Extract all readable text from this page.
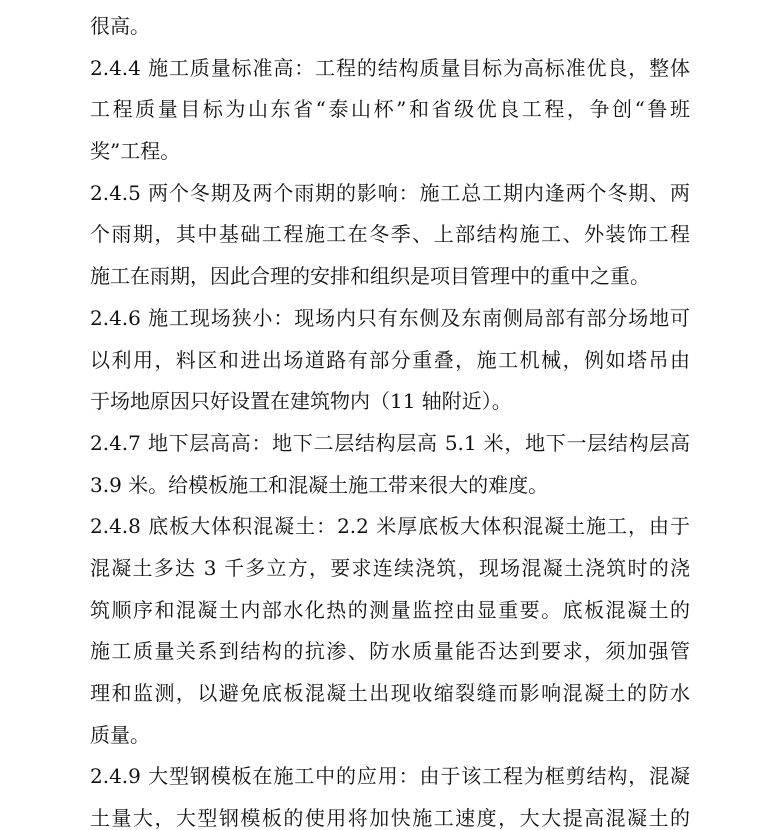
很高。
2.4.4 施工质量标准高：工程的结构质量目标为高标准优良，整体
工程质量目标为山东省“泰山杯”和省级优良工程，争创“鲁班
奖”工程。
2.4.5 两个冬期及两个雨期的影响：施工总工期内逢两个冬期、两
个雨期，其中基础工程施工在冬季、上部结构施工、外装饰工程
施工在雨期，因此合理的安排和组织是项目管理中的重中之重。
2.4.6 施工现场狭小：现场内只有东侧及东南侧局部有部分场地可
以利用，料区和进出场道路有部分重叠，施工机械，例如塔吊由
于场地原因只好设置在建筑物内（11 轴附近）。
2.4.7 地下层高高：地下二层结构层高 5.1 米，地下一层结构层高
3.9 米。给模板施工和混凝土施工带来很大的难度。
2.4.8 底板大体积混凝土：2.2 米厚底板大体积混凝土施工，由于
混凝土多达 3 千多立方，要求连续浇筑，现场混凝土浇筑时的浇
筑顺序和混凝土内部水化热的测量监控由显重要。底板混凝土的
施工质量关系到结构的抗渗、防水质量能否达到要求，须加强管
理和监测，以避免底板混凝土出现收缩裂缝而影响混凝土的防水
质量。
2.4.9 大型钢模板在施工中的应用：由于该工程为框剪结构，混凝
土量大，大型钢模板的使用将加快施工速度，大大提高混凝土的
